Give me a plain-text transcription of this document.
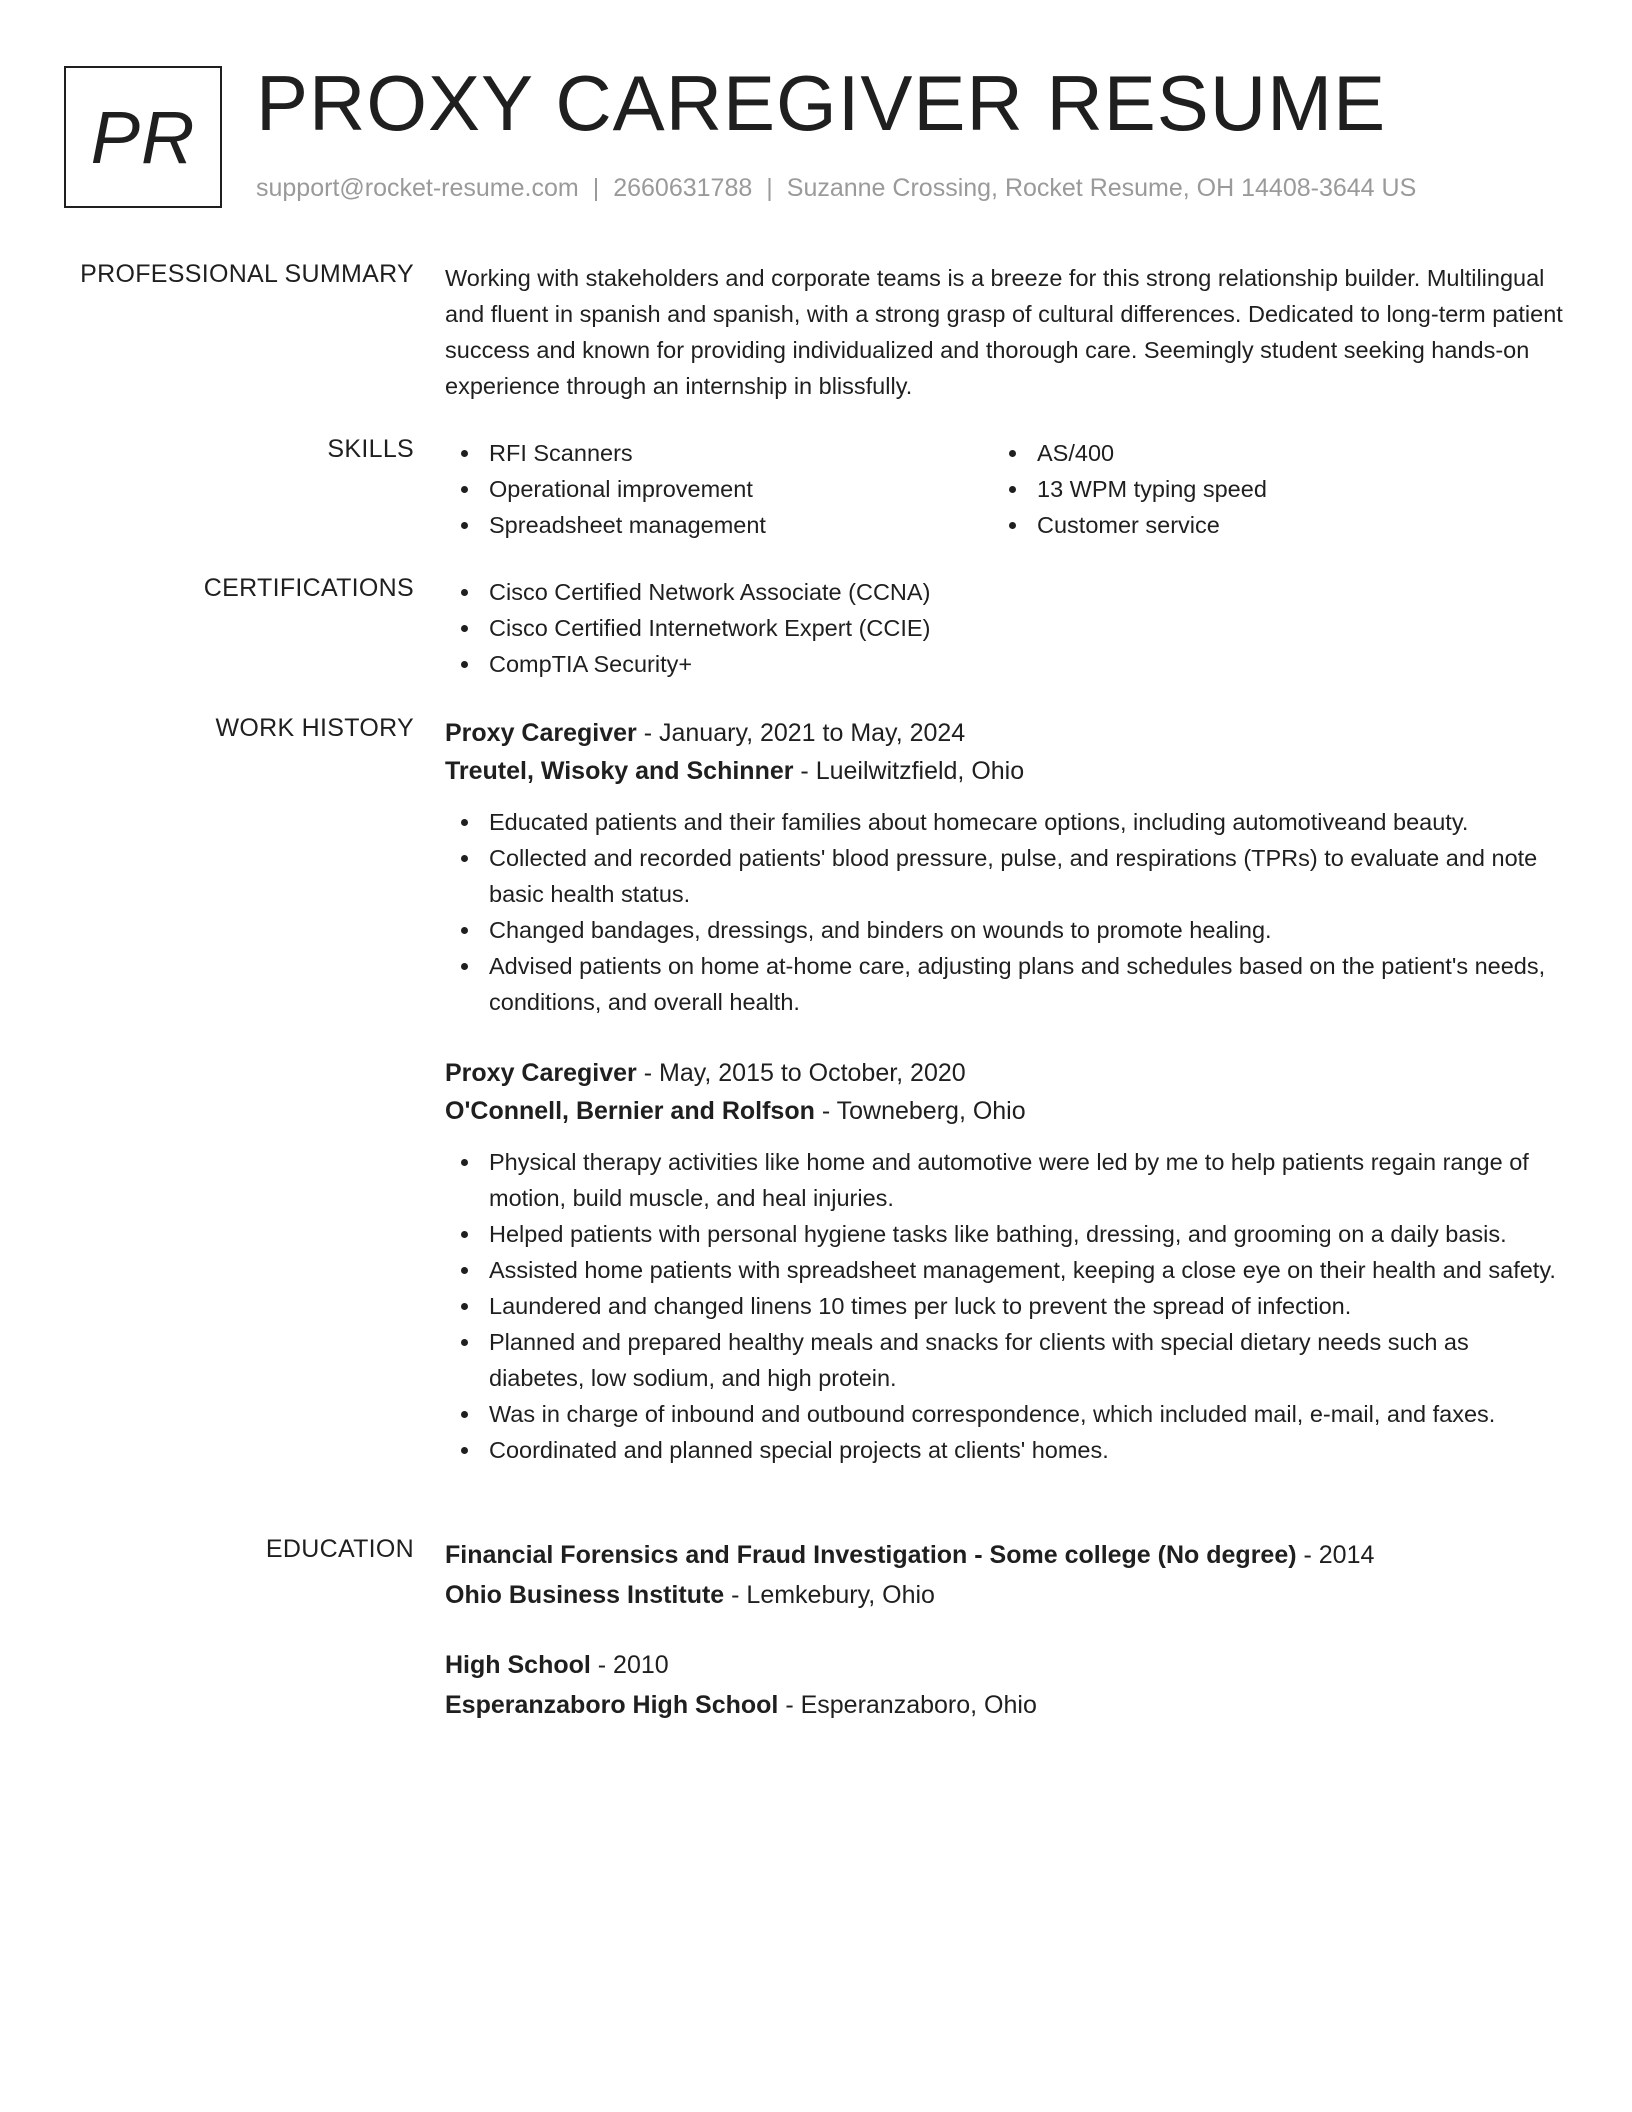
PR PROXY CAREGIVER RESUME
support@rocket-resume.com | 2660631788 | Suzanne Crossing, Rocket Resume, OH 14408-3644 US
PROFESSIONAL SUMMARY Working with stakeholders and corporate teams is a breeze for this strong relationship builder. Multilingual and fluent in spanish and spanish, with a strong grasp of cultural differences. Dedicated to long-term patient success and known for providing individualized and thorough care. Seemingly student seeking hands-on experience through an internship in blissfully.
SKILLS	RFI Scanners
Operational improvement
Spreadsheet management
AS/400
13 WPM typing speed
Customer service
CERTIFICATIONS	Cisco Certified Network Associate (CCNA)
Cisco Certified Internetwork Expert (CCIE)
CompTIA Security+
WORK HISTORY Proxy Caregiver - January, 2021 to May, 2024
Treutel, Wisoky and Schinner - Lueilwitzfield, Ohio
Educated patients and their families about homecare options, including automotiveand beauty.
Collected and recorded patients' blood pressure, pulse, and respirations (TPRs) to evaluate and note basic health status.
Changed bandages, dressings, and binders on wounds to promote healing.
Advised patients on home at-home care, adjusting plans and schedules based on the patient's needs, conditions, and overall health.
Proxy Caregiver - May, 2015 to October, 2020
O'Connell, Bernier and Rolfson - Towneberg, Ohio
Physical therapy activities like home and automotive were led by me to help patients regain range of motion, build muscle, and heal injuries.
Helped patients with personal hygiene tasks like bathing, dressing, and grooming on a daily basis.
Assisted home patients with spreadsheet management, keeping a close eye on their health and safety.
Laundered and changed linens 10 times per luck to prevent the spread of infection.
Planned and prepared healthy meals and snacks for clients with special dietary needs such as diabetes, low sodium, and high protein.
Was in charge of inbound and outbound correspondence, which included mail, e-mail, and faxes.
Coordinated and planned special projects at clients' homes.
EDUCATION Financial Forensics and Fraud Investigation - Some college (No degree) - 2014
Ohio Business Institute - Lemkebury, Ohio
High School - 2010
Esperanzaboro High School - Esperanzaboro, Ohio
